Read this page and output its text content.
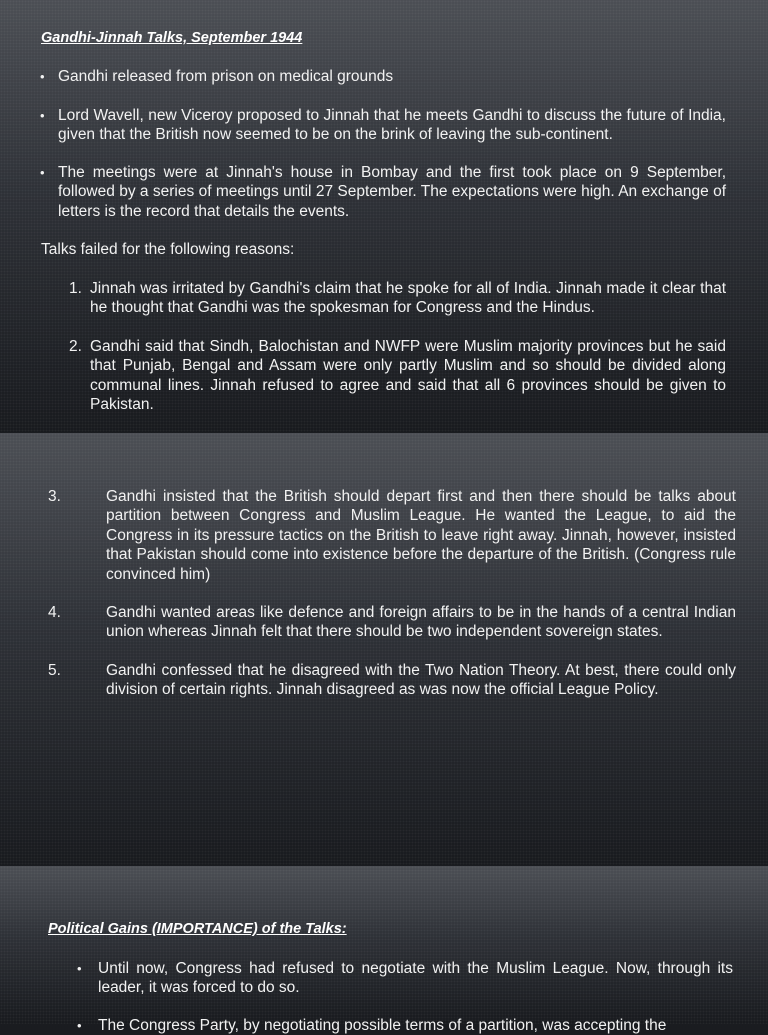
Gandhi-Jinnah Talks, September 1944
• Gandhi released from prison on medical grounds
• Lord Wavell, new Viceroy proposed to Jinnah that he meets Gandhi to discuss the future of India, given that the British now seemed to be on the brink of leaving the sub-continent.
• The meetings were at Jinnah's house in Bombay and the first took place on 9 September, followed by a series of meetings until 27 September. The expectations were high. An exchange of letters is the record that details the events.
Talks failed for the following reasons:
1. Jinnah was irritated by Gandhi's claim that he spoke for all of India. Jinnah made it clear that he thought that Gandhi was the spokesman for Congress and the Hindus.
2. Gandhi said that Sindh, Balochistan and NWFP were Muslim majority provinces but he said that Punjab, Bengal and Assam were only partly Muslim and so should be divided along communal lines. Jinnah refused to agree and said that all 6 provinces should be given to Pakistan.
3.	Gandhi insisted that the British should depart first and then there should be talks about partition between Congress and Muslim League. He wanted the League, to aid the Congress in its pressure tactics on the British to leave right away. Jinnah, however, insisted that Pakistan should come into existence before the departure of the British. (Congress rule convinced him)
4.	Gandhi wanted areas like defence and foreign affairs to be in the hands of a central Indian union whereas Jinnah felt that there should be two independent sovereign states.
5.	Gandhi confessed that he disagreed with the Two Nation Theory. At best, there could only division of certain rights. Jinnah disagreed as was now the official League Policy.
Political Gains (IMPORTANCE) of the Talks:
• Until now, Congress had refused to negotiate with the Muslim League. Now, through its leader, it was forced to do so.
• The Congress Party, by negotiating possible terms of a partition, was accepting the
